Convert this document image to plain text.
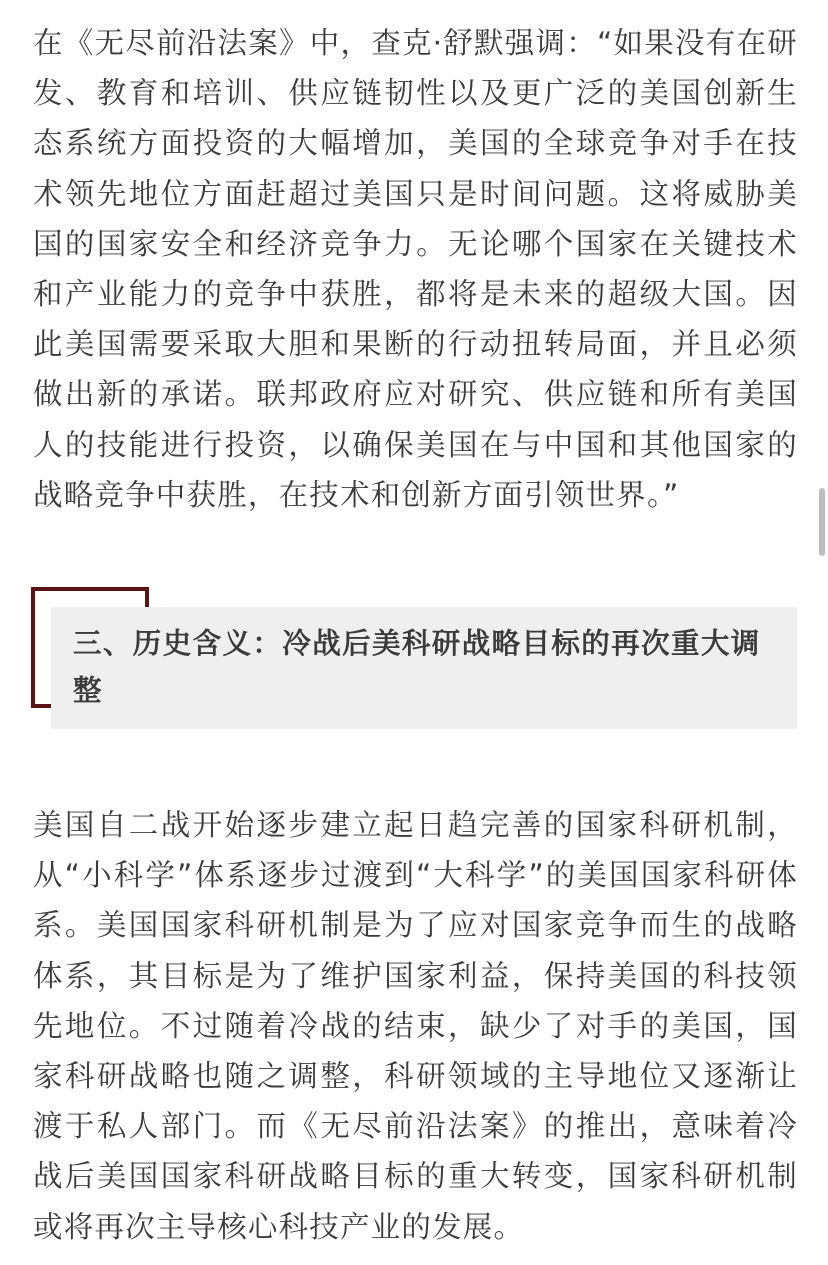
在《无尽前沿法案》中，查克·舒默强调：“如果没有在研发、教育和培训、供应链韧性以及更广泛的美国创新生态系统方面投资的大幅增加，美国的全球竞争对手在技术领先地位方面赶超过美国只是时间问题。这将威胁美国的国家安全和经济竞争力。无论哪个国家在关键技术和产业能力的竞争中获胜，都将是未来的超级大国。因此美国需要采取大胆和果断的行动扭转局面，并且必须做出新的承诺。联邦政府应对研究、供应链和所有美国人的技能进行投资，以确保美国在与中国和其他国家的战略竞争中获胜，在技术和创新方面引领世界。”

三、历史含义：冷战后美科研战略目标的再次重大调整

美国自二战开始逐步建立起日趋完善的国家科研机制，从“小科学”体系逐步过渡到“大科学”的美国国家科研体系。美国国家科研机制是为了应对国家竞争而生的战略体系，其目标是为了维护国家利益，保持美国的科技领先地位。不过随着冷战的结束，缺少了对手的美国，国家科研战略也随之调整，科研领域的主导地位又逐渐让渡于私人部门。而《无尽前沿法案》的推出，意味着冷战后美国国家科研战略目标的重大转变，国家科研机制或将再次主导核心科技产业的发展。
